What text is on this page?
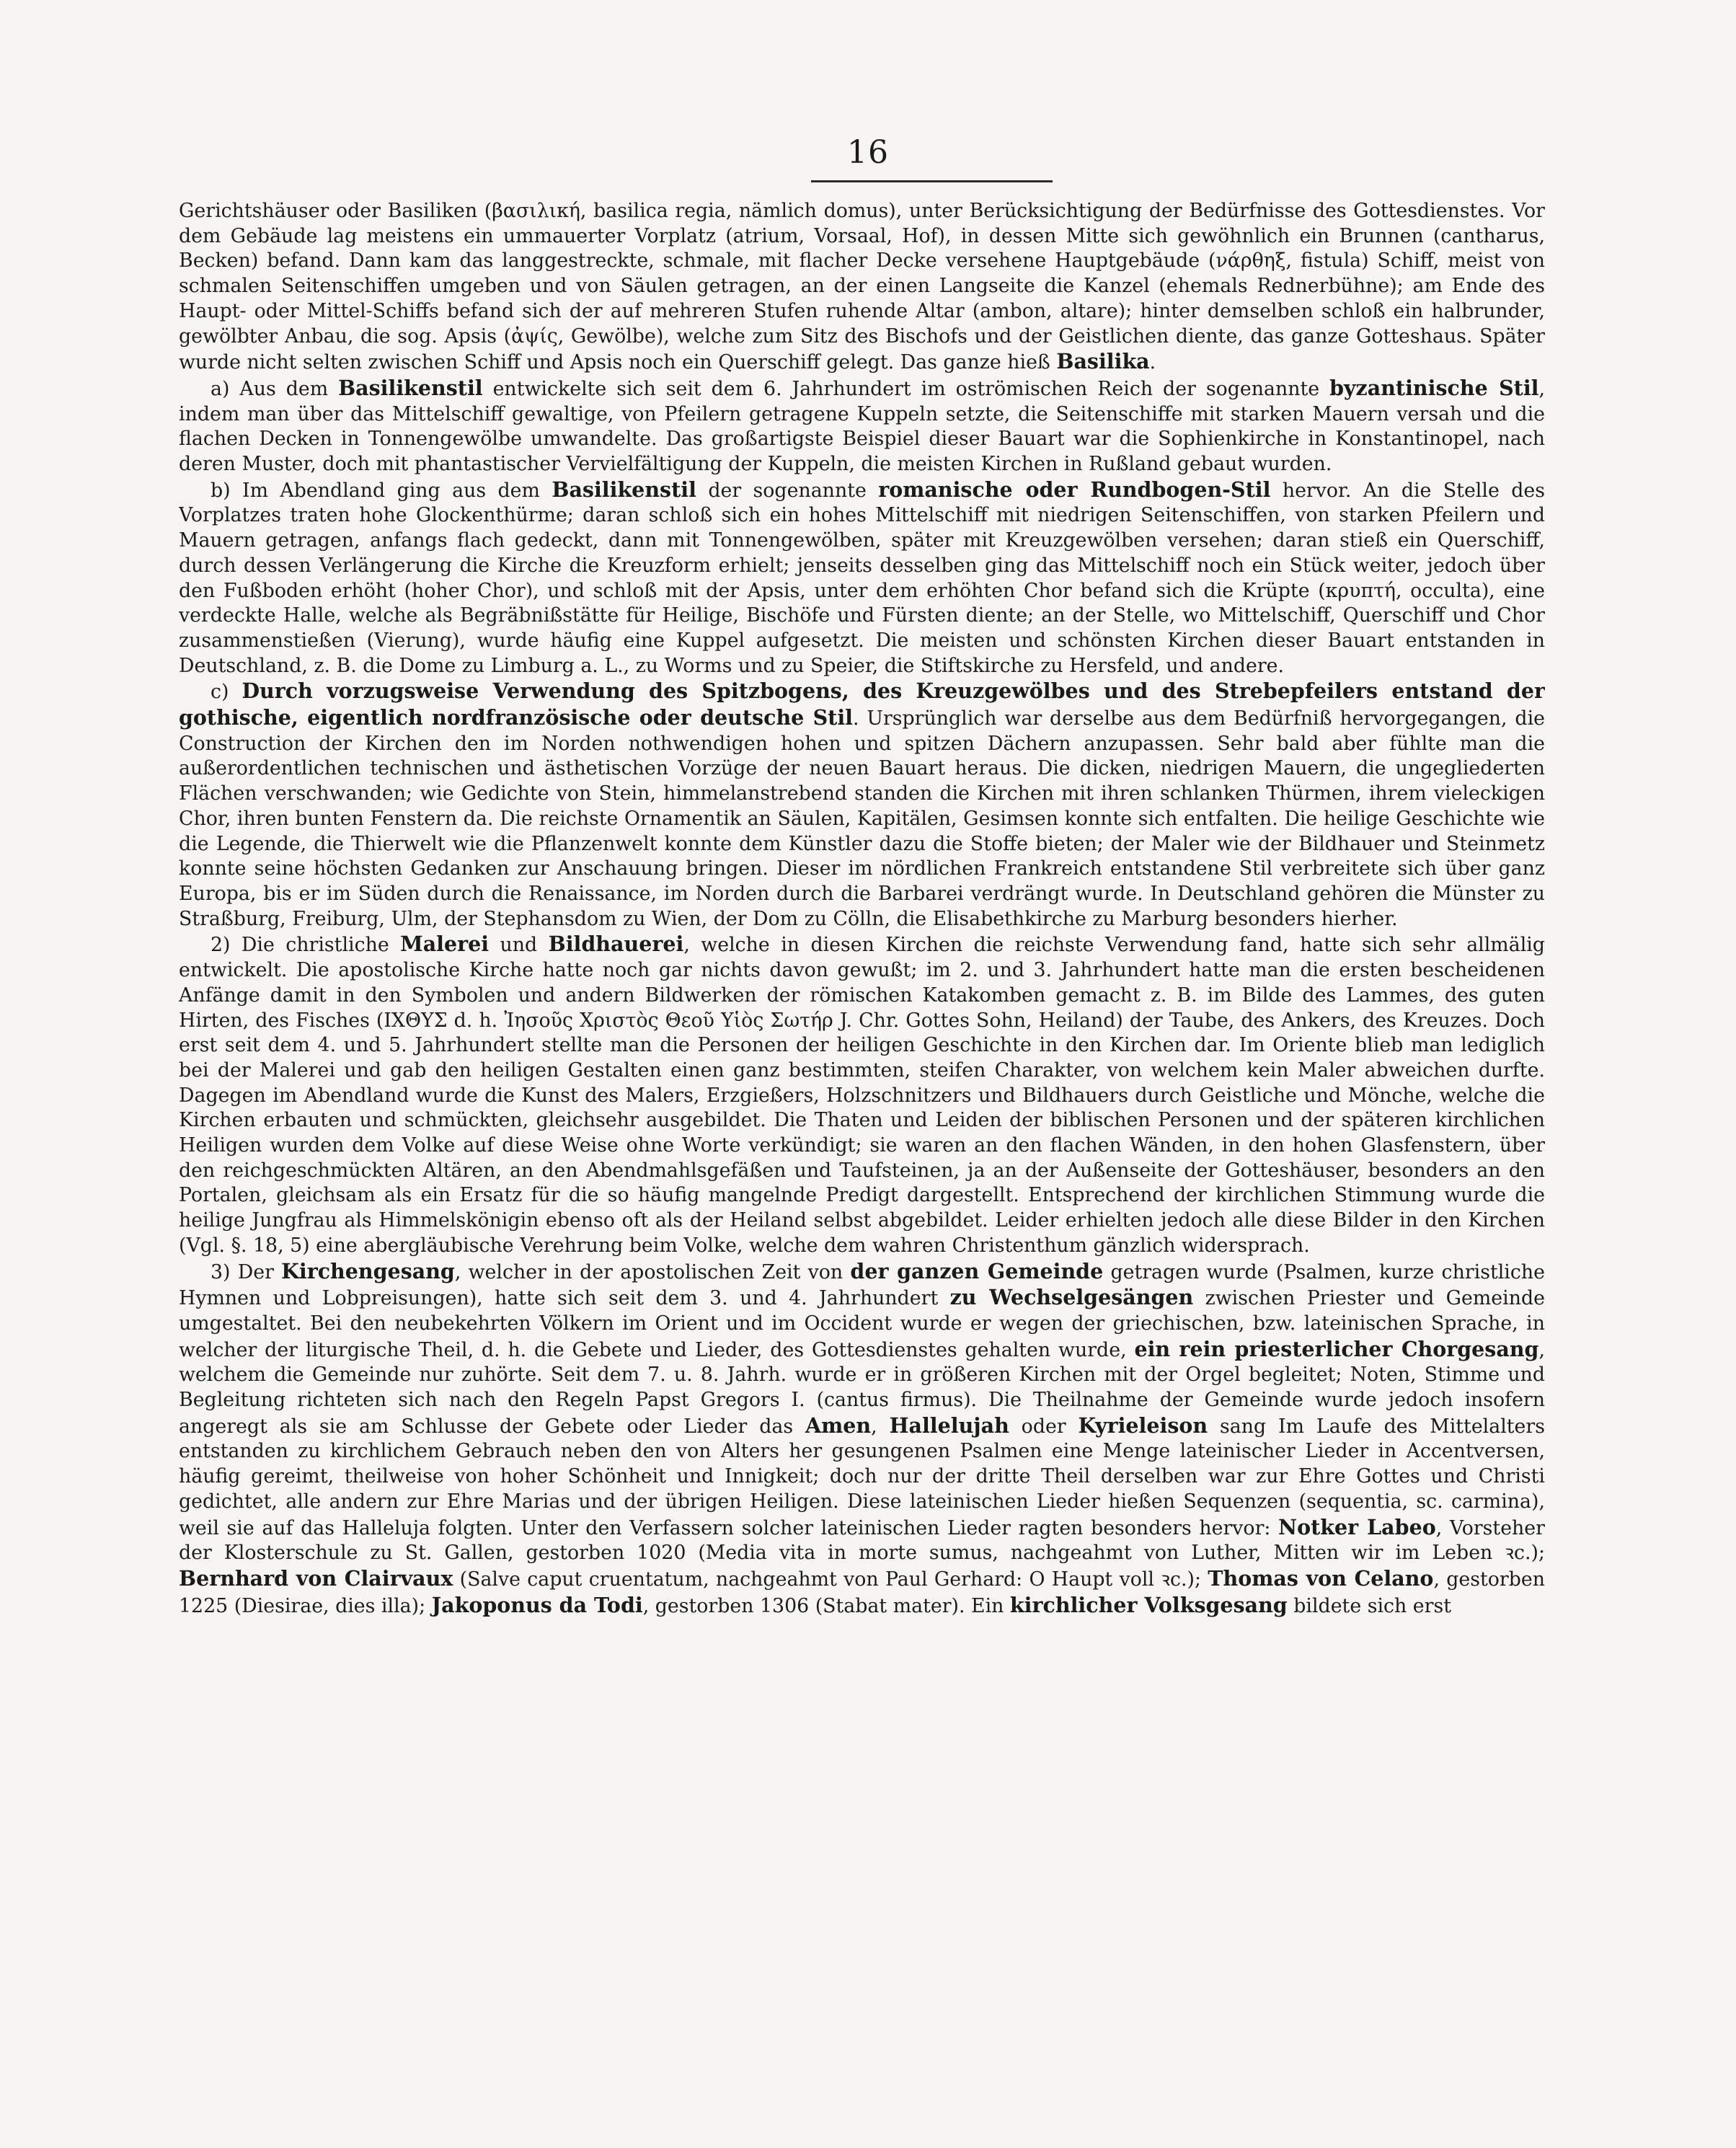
16

Gerichtshäuser oder Basiliken (βασιλική, basilica regia, nämlich domus), unter Berücksichtigung der Bedürfnisse des Gottesdienstes. Vor dem Gebäude lag meistens ein ummauerter Vorplatz (atrium, Vorsaal, Hof), in dessen Mitte sich gewöhnlich ein Brunnen (cantharus, Becken) befand. Dann kam das langgestreckte, schmale, mit flacher Decke versehene Hauptgebäude (νάρθηξ, fistula) Schiff, meist von schmalen Seitenschiffen umgeben und von Säulen getragen, an der einen Langseite die Kanzel (ehemals Rednerbühne); am Ende des Haupt- oder Mittel-Schiffs befand sich der auf mehreren Stufen ruhende Altar (ambon, altare); hinter demselben schloß ein halbrunder, gewölbter Anbau, die sog. Apsis (ἀψίς, Gewölbe), welche zum Sitz des Bischofs und der Geistlichen diente, das ganze Gotteshaus. Später wurde nicht selten zwischen Schiff und Apsis noch ein Querschiff gelegt. Das ganze hieß Basilika.

a) Aus dem Basilikenstil entwickelte sich seit dem 6. Jahrhundert im oströmischen Reich der sogenannte byzantinische Stil, indem man über das Mittelschiff gewaltige, von Pfeilern getragene Kuppeln setzte, die Seitenschiffe mit starken Mauern versah und die flachen Decken in Tonnengewölbe umwandelte. Das großartigste Beispiel dieser Bauart war die Sophienkirche in Konstantinopel, nach deren Muster, doch mit phantastischer Vervielfältigung der Kuppeln, die meisten Kirchen in Rußland gebaut wurden.

b) Im Abendland ging aus dem Basilikenstil der sogenannte romanische oder Rundbogen-Stil hervor. An die Stelle des Vorplatzes traten hohe Glockenthürme; daran schloß sich ein hohes Mittelschiff mit niedrigen Seitenschiffen, von starken Pfeilern und Mauern getragen, anfangs flach gedeckt, dann mit Tonnengewölben, später mit Kreuzgewölben versehen; daran stieß ein Querschiff, durch dessen Verlängerung die Kirche die Kreuzform erhielt; jenseits desselben ging das Mittelschiff noch ein Stück weiter, jedoch über den Fußboden erhöht (hoher Chor), und schloß mit der Apsis, unter dem erhöhten Chor befand sich die Krüpte (κρυπτή, occulta), eine verdeckte Halle, welche als Begräbnißstätte für Heilige, Bischöfe und Fürsten diente; an der Stelle, wo Mittelschiff, Querschiff und Chor zusammenstießen (Vierung), wurde häufig eine Kuppel aufgesetzt. Die meisten und schönsten Kirchen dieser Bauart entstanden in Deutschland, z. B. die Dome zu Limburg a. L., zu Worms und zu Speier, die Stiftskirche zu Hersfeld, und andere.

c) Durch vorzugsweise Verwendung des Spitzbogens, des Kreuzgewölbes und des Strebepfeilers entstand der gothische, eigentlich nordfranzösische oder deutsche Stil. Ursprünglich war derselbe aus dem Bedürfniß hervorgegangen, die Construction der Kirchen den im Norden nothwendigen hohen und spitzen Dächern anzupassen. Sehr bald aber fühlte man die außerordentlichen technischen und ästhetischen Vorzüge der neuen Bauart heraus. Die dicken, niedrigen Mauern, die ungegliederten Flächen verschwanden; wie Gedichte von Stein, himmelanstrebend standen die Kirchen mit ihren schlanken Thürmen, ihrem vieleckigen Chor, ihren bunten Fenstern da. Die reichste Ornamentik an Säulen, Kapitälen, Gesimsen konnte sich entfalten. Die heilige Geschichte wie die Legende, die Thierwelt wie die Pflanzenwelt konnte dem Künstler dazu die Stoffe bieten; der Maler wie der Bildhauer und Steinmetz konnte seine höchsten Gedanken zur Anschauung bringen. Dieser im nördlichen Frankreich entstandene Stil verbreitete sich über ganz Europa, bis er im Süden durch die Renaissance, im Norden durch die Barbarei verdrängt wurde. In Deutschland gehören die Münster zu Straßburg, Freiburg, Ulm, der Stephansdom zu Wien, der Dom zu Cölln, die Elisabethkirche zu Marburg besonders hierher.

2) Die christliche Malerei und Bildhauerei, welche in diesen Kirchen die reichste Verwendung fand, hatte sich sehr allmälig entwickelt. Die apostolische Kirche hatte noch gar nichts davon gewußt; im 2. und 3. Jahrhundert hatte man die ersten bescheidenen Anfänge damit in den Symbolen und andern Bildwerken der römischen Katakomben gemacht z. B. im Bilde des Lammes, des guten Hirten, des Fisches (ΙΧΘΥΣ d. h. Ἰησοῦς Χριστὸς Θεοῦ Υἱὸς Σωτήρ J. Chr. Gottes Sohn, Heiland) der Taube, des Ankers, des Kreuzes. Doch erst seit dem 4. und 5. Jahrhundert stellte man die Personen der heiligen Geschichte in den Kirchen dar. Im Oriente blieb man lediglich bei der Malerei und gab den heiligen Gestalten einen ganz bestimmten, steifen Charakter, von welchem kein Maler abweichen durfte. Dagegen im Abendland wurde die Kunst des Malers, Erzgießers, Holzschnitzers und Bildhauers durch Geistliche und Mönche, welche die Kirchen erbauten und schmückten, gleichsehr ausgebildet. Die Thaten und Leiden der biblischen Personen und der späteren kirchlichen Heiligen wurden dem Volke auf diese Weise ohne Worte verkündigt; sie waren an den flachen Wänden, in den hohen Glasfenstern, über den reichgeschmückten Altären, an den Abendmahlsgefäßen und Taufsteinen, ja an der Außenseite der Gotteshäuser, besonders an den Portalen, gleichsam als ein Ersatz für die so häufig mangelnde Predigt dargestellt. Entsprechend der kirchlichen Stimmung wurde die heilige Jungfrau als Himmelskönigin ebenso oft als der Heiland selbst abgebildet. Leider erhielten jedoch alle diese Bilder in den Kirchen (Vgl. §. 18, 5) eine abergläubische Verehrung beim Volke, welche dem wahren Christenthum gänzlich widersprach.

3) Der Kirchengesang, welcher in der apostolischen Zeit von der ganzen Gemeinde getragen wurde (Psalmen, kurze christliche Hymnen und Lobpreisungen), hatte sich seit dem 3. und 4. Jahrhundert zu Wechselgesängen zwischen Priester und Gemeinde umgestaltet. Bei den neubekehrten Völkern im Orient und im Occident wurde er wegen der griechischen, bzw. lateinischen Sprache, in welcher der liturgische Theil, d. h. die Gebete und Lieder, des Gottesdienstes gehalten wurde, ein rein priesterlicher Chorgesang, welchem die Gemeinde nur zuhörte. Seit dem 7. u. 8. Jahrh. wurde er in größeren Kirchen mit der Orgel begleitet; Noten, Stimme und Begleitung richteten sich nach den Regeln Papst Gregors I. (cantus firmus). Die Theilnahme der Gemeinde wurde jedoch insofern angeregt als sie am Schlusse der Gebete oder Lieder das Amen, Hallelujah oder Kyrieleison sang Im Laufe des Mittelalters entstanden zu kirchlichem Gebrauch neben den von Alters her gesungenen Psalmen eine Menge lateinischer Lieder in Accentversen, häufig gereimt, theilweise von hoher Schönheit und Innigkeit; doch nur der dritte Theil derselben war zur Ehre Gottes und Christi gedichtet, alle andern zur Ehre Marias und der übrigen Heiligen. Diese lateinischen Lieder hießen Sequenzen (sequentia, sc. carmina), weil sie auf das Halleluja folgten. Unter den Verfassern solcher lateinischen Lieder ragten besonders hervor: Notker Labeo, Vorsteher der Klosterschule zu St. Gallen, gestorben 1020 (Media vita in morte sumus, nachgeahmt von Luther, Mitten wir im Leben ꝛc.); Bernhard von Clairvaux (Salve caput cruentatum, nachgeahmt von Paul Gerhard: O Haupt voll ꝛc.); Thomas von Celano, gestorben 1225 (Diesirae, dies illa); Jakoponus da Todi, gestorben 1306 (Stabat mater). Ein kirchlicher Volksgesang bildete sich erst
